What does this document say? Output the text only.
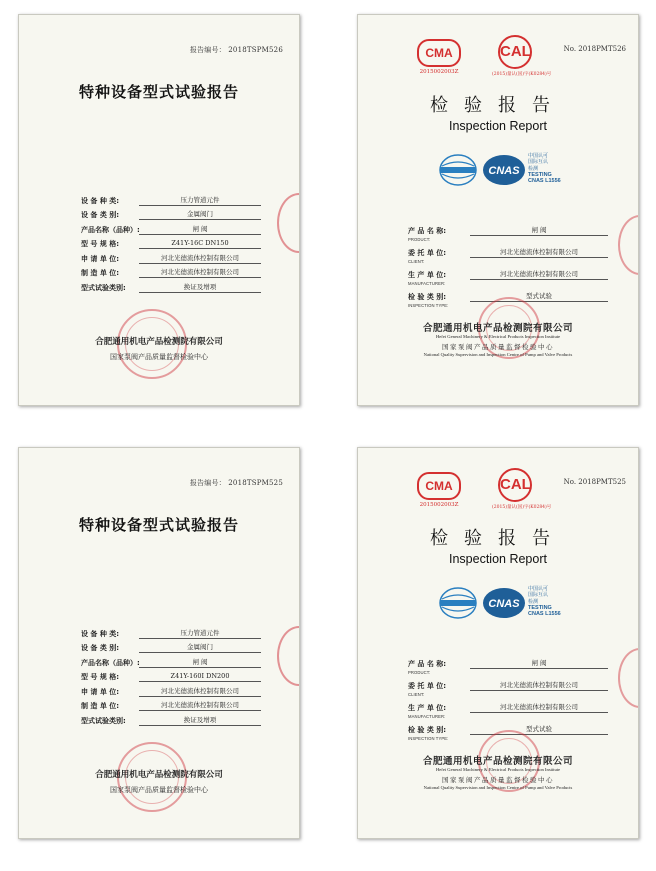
报告编号： 2018TSPM526
特种设备型式试验报告
设 备 种 类:	压力管道元件
设 备 类 别:	金属阀门
产品名称（品种）:	闸 阀
型 号 规 格:	Z41Y-16C DN150
申 请 单 位:	河北光德流体控制有限公司
制 造 单 位:	河北光德流体控制有限公司
型式试验类别:	换证及增项
合肥通用机电产品检测院有限公司
国家泵阀产品质量监督检验中心
CMA
2015002003Z
CAL
(2015)量认(国)字(K0284)号
No. 2018PMT526
检验报告
Inspection Report
CNAS
中国认可
国际互认
检测
TESTING
CNAS L1556
产 品 名 称:	闸 阀
PRODUCT:
委 托 单 位:	河北光德流体控制有限公司
CLIENT:
生 产 单 位:	河北光德流体控制有限公司
MANUFACTURER:
检 验 类 别:	型式试验
INSPECTION TYPE:
合肥通用机电产品检测院有限公司
Hefei General Machinery & Electrical Products Inspection Institute
国家泵阀产品质量监督检验中心
National Quality Supervision and Inspection Centre of Pump and Valve Products
报告编号： 2018TSPM525
特种设备型式试验报告
设 备 种 类:	压力管道元件
设 备 类 别:	金属阀门
产品名称（品种）:	闸 阀
型 号 规 格:	Z41Y-160I DN200
申 请 单 位:	河北光德流体控制有限公司
制 造 单 位:	河北光德流体控制有限公司
型式试验类别:	换证及增项
合肥通用机电产品检测院有限公司
国家泵阀产品质量监督检验中心
CMA
2015002003Z
CAL
(2015)量认(国)字(K0284)号
No. 2018PMT525
检验报告
Inspection Report
CNAS
中国认可
国际互认
检测
TESTING
CNAS L1556
产 品 名 称:	闸 阀
PRODUCT:
委 托 单 位:	河北光德流体控制有限公司
CLIENT:
生 产 单 位:	河北光德流体控制有限公司
MANUFACTURER:
检 验 类 别:	型式试验
INSPECTION TYPE:
合肥通用机电产品检测院有限公司
Hefei General Machinery & Electrical Products Inspection Institute
国家泵阀产品质量监督检验中心
National Quality Supervision and Inspection Centre of Pump and Valve Products
